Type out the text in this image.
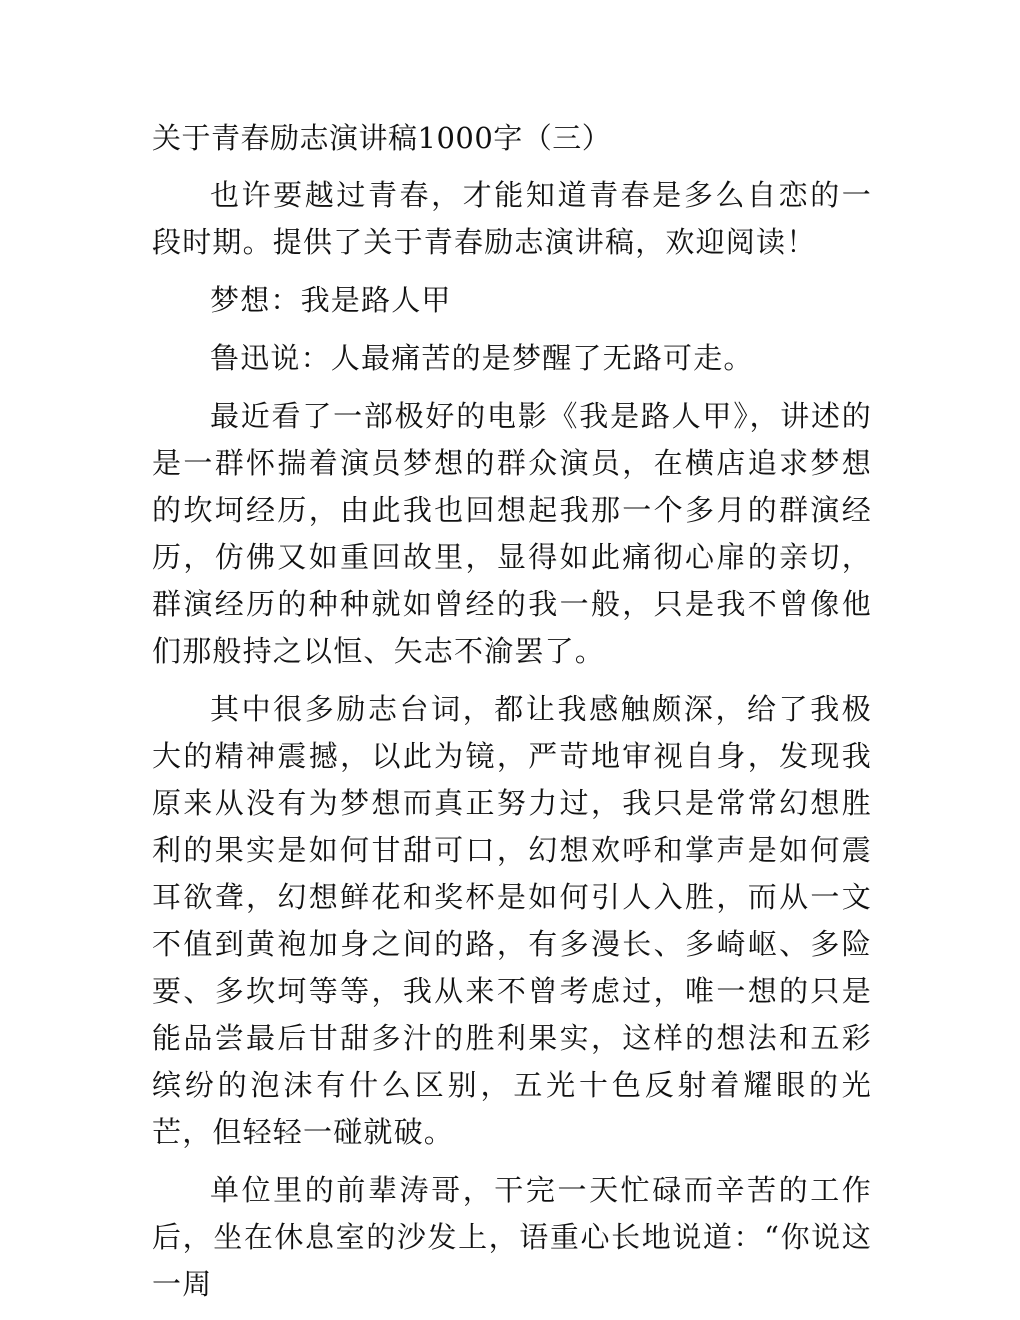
关于青春励志演讲稿1000字（三）

也许要越过青春，才能知道青春是多么自恋的一段时期。提供了关于青春励志演讲稿，欢迎阅读！

梦想：我是路人甲

鲁迅说：人最痛苦的是梦醒了无路可走。

最近看了一部极好的电影《我是路人甲》，讲述的是一群怀揣着演员梦想的群众演员，在横店追求梦想的坎坷经历，由此我也回想起我那一个多月的群演经历，仿佛又如重回故里，显得如此痛彻心扉的亲切，群演经历的种种就如曾经的我一般，只是我不曾像他们那般持之以恒、矢志不渝罢了。

其中很多励志台词，都让我感触颇深，给了我极大的精神震撼，以此为镜，严苛地审视自身，发现我原来从没有为梦想而真正努力过，我只是常常幻想胜利的果实是如何甘甜可口，幻想欢呼和掌声是如何震耳欲聋，幻想鲜花和奖杯是如何引人入胜，而从一文不值到黄袍加身之间的路，有多漫长、多崎岖、多险要、多坎坷等等，我从来不曾考虑过，唯一想的只是能品尝最后甘甜多汁的胜利果实，这样的想法和五彩缤纷的泡沫有什么区别，五光十色反射着耀眼的光芒，但轻轻一碰就破。

单位里的前辈涛哥，干完一天忙碌而辛苦的工作后，坐在休息室的沙发上，语重心长地说道：“你说这一周
